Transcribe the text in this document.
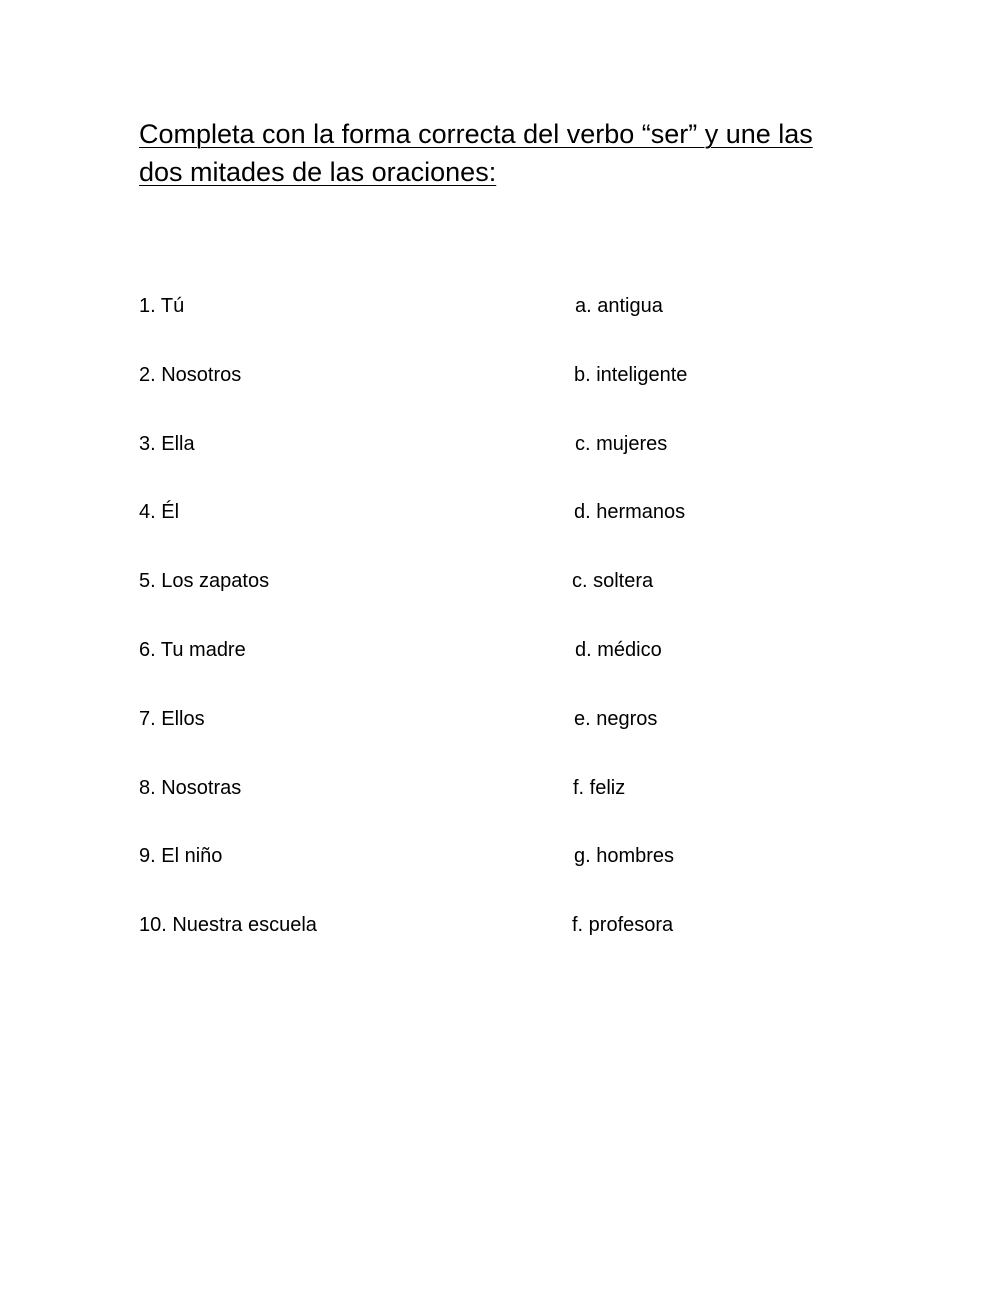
Completa con la forma correcta del verbo “ser” y une las dos mitades de las oraciones:

1. Tú

2. Nosotros

3. Ella

4. Él

5. Los zapatos

6. Tu madre

7. Ellos

8. Nosotras

9. El niño

10. Nuestra escuela

a. antigua

b. inteligente

c. mujeres

d. hermanos

c. soltera

d. médico

e. negros

f. feliz

g. hombres

f. profesora
